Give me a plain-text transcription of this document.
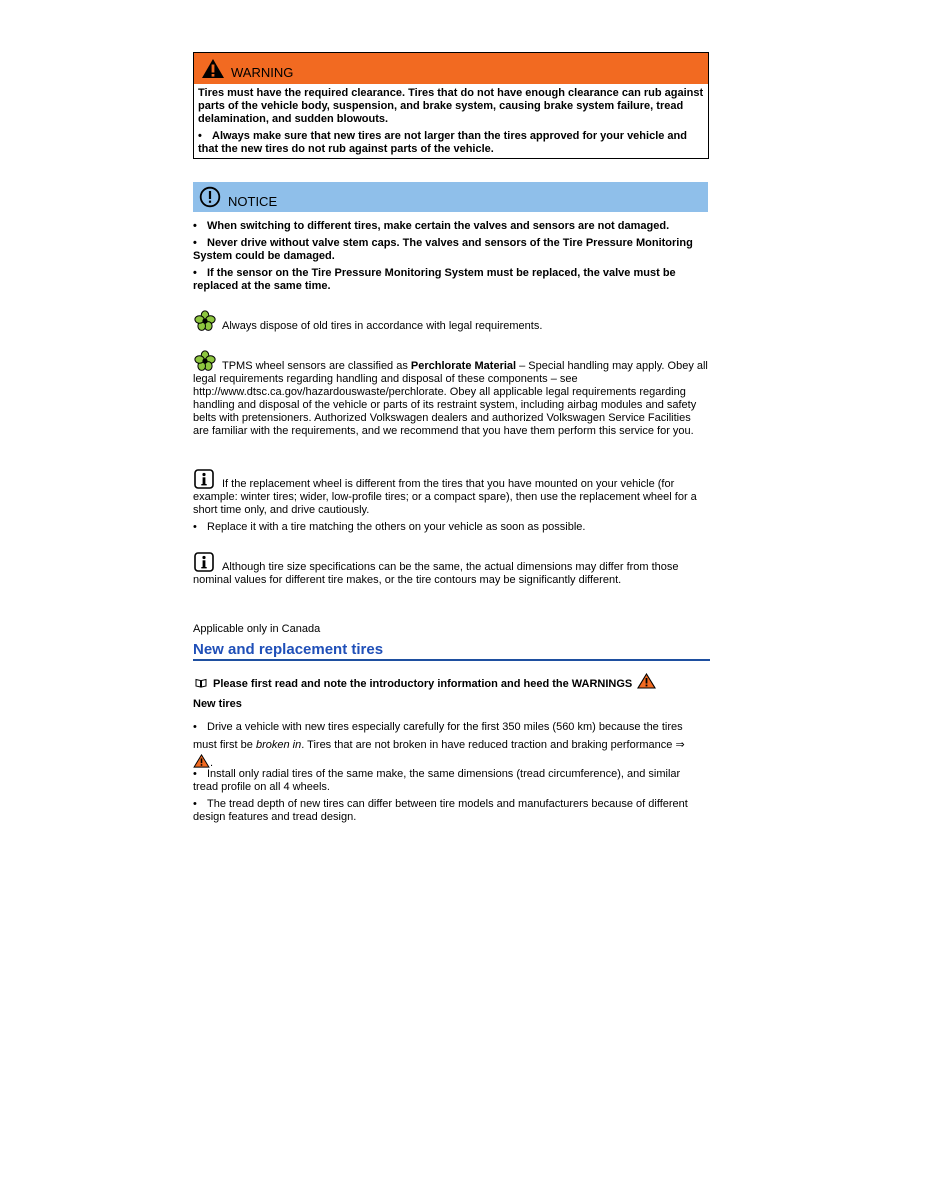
WARNING
Tires must have the required clearance. Tires that do not have enough clearance can rub against parts of the vehicle body, suspension, and brake system, causing brake system failure, tread delamination, and sudden blowouts.
• Always make sure that new tires are not larger than the tires approved for your vehicle and that the new tires do not rub against parts of the vehicle.
NOTICE
• When switching to different tires, make certain the valves and sensors are not damaged.
• Never drive without valve stem caps. The valves and sensors of the Tire Pressure Monitoring System could be damaged.
• If the sensor on the Tire Pressure Monitoring System must be replaced, the valve must be replaced at the same time.
Always dispose of old tires in accordance with legal requirements.
TPMS wheel sensors are classified as Perchlorate Material – Special handling may apply. Obey all legal requirements regarding handling and disposal of these components – see http://www.dtsc.ca.gov/hazardouswaste/perchlorate. Obey all applicable legal requirements regarding handling and disposal of the vehicle or parts of its restraint system, including airbag modules and safety belts with pretensioners. Authorized Volkswagen dealers and authorized Volkswagen Service Facilities are familiar with the requirements, and we recommend that you have them perform this service for you.
If the replacement wheel is different from the tires that you have mounted on your vehicle (for example: winter tires; wider, low-profile tires; or a compact spare), then use the replacement wheel for a short time only, and drive cautiously.
• Replace it with a tire matching the others on your vehicle as soon as possible.
Although tire size specifications can be the same, the actual dimensions may differ from those nominal values for different tire makes, or the tire contours may be significantly different.
Applicable only in Canada
New and replacement tires
Please first read and note the introductory information and heed the WARNINGS
New tires
• Drive a vehicle with new tires especially carefully for the first 350 miles (560 km) because the tires must first be broken in. Tires that are not broken in have reduced traction and braking performance ⇒
.
• Install only radial tires of the same make, the same dimensions (tread circumference), and similar tread profile on all 4 wheels.
• The tread depth of new tires can differ between tire models and manufacturers because of different design features and tread design.
